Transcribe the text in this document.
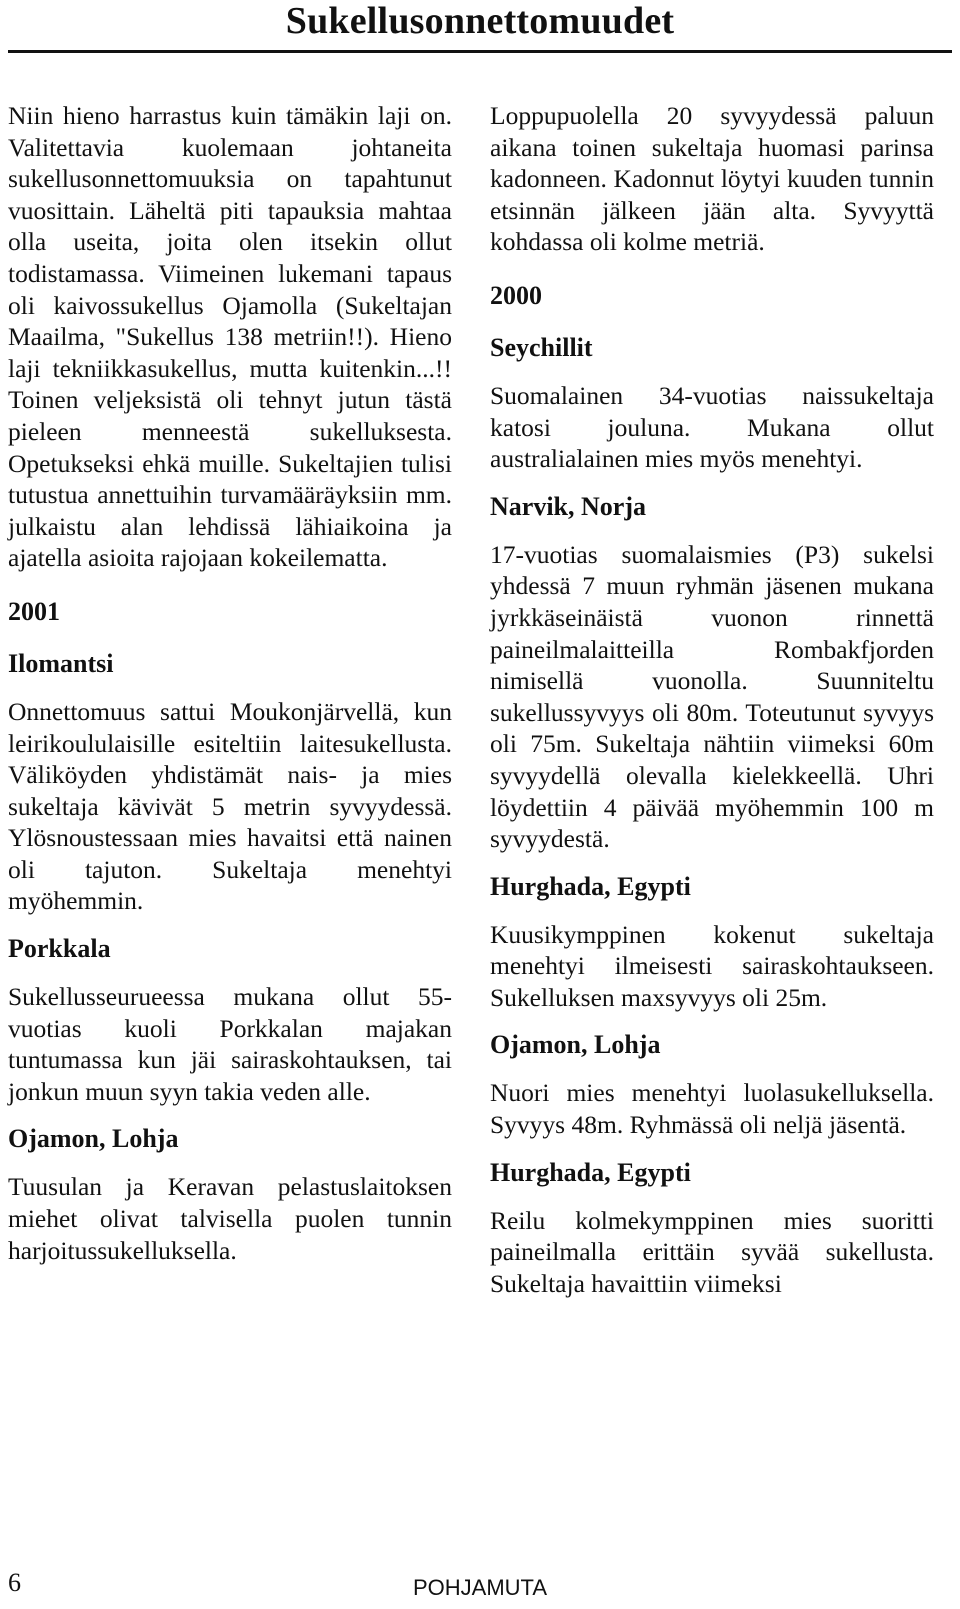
Sukellusonnettomuudet

Niin hieno harrastus kuin tämäkin laji on. Valitettavia kuolemaan johtaneita sukellusonnettomuuksia on tapahtunut vuosittain. Läheltä piti tapauksia mahtaa olla useita, joita olen itsekin ollut todistamassa. Viimeinen lukemani tapaus oli kaivossukellus Ojamolla (Sukeltajan Maailma, "Sukellus 138 metriin!!). Hieno laji tekniikkasukellus, mutta kuitenkin...!! Toinen veljeksistä oli tehnyt jutun tästä pieleen menneestä sukelluksesta. Opetukseksi ehkä muille. Sukeltajien tulisi tutustua annettuihin turvamääräyksiin mm. julkaistu alan lehdissä lähiaikoina ja ajatella asioita rajojaan kokeilematta.

2001
Ilomantsi

Onnettomuus sattui Moukonjärvellä, kun leirikoululaisille esiteltiin laitesukellusta. Väliköyden yhdistämät nais- ja mies sukeltaja kävivät 5 metrin syvyydessä. Ylösnoustessaan mies havaitsi että nainen oli tajuton. Sukeltaja menehtyi myöhemmin.

Porkkala

Sukellusseurueessa mukana ollut 55-vuotias kuoli Porkkalan majakan tuntumassa kun jäi sairaskohtauksen, tai jonkun muun syyn takia veden alle.

Ojamon, Lohja

Tuusulan ja Keravan pelastuslaitoksen miehet olivat talvisella puolen tunnin harjoitussukelluksella.

Loppupuolella 20 syvyydessä paluun aikana toinen sukeltaja huomasi parinsa kadonneen. Kadonnut löytyi kuuden tunnin etsinnän jälkeen jään alta. Syvyyttä kohdassa oli kolme metriä.

2000
Seychillit

Suomalainen 34-vuotias naissukeltaja katosi jouluna. Mukana ollut australialainen mies myös menehtyi.

Narvik, Norja

17-vuotias suomalaismies (P3) sukelsi yhdessä 7 muun ryhmän jäsenen mukana jyrkkäseinäistä vuonon rinnettä paineilmalaitteilla Rombakfjorden nimisellä vuonolla. Suunniteltu sukellussyvyys oli 80m. Toteutunut syvyys oli 75m. Sukeltaja nähtiin viimeksi 60m syvyydellä olevalla kielekkeellä. Uhri löydettiin 4 päivää myöhemmin 100 m syvyydestä.

Hurghada, Egypti

Kuusikymppinen kokenut sukeltaja menehtyi ilmeisesti sairaskohtaukseen. Sukelluksen maxsyvyys oli 25m.

Ojamon, Lohja

Nuori mies menehtyi luolasukelluksella. Syvyys 48m. Ryhmässä oli neljä jäsentä.

Hurghada, Egypti

Reilu kolmekymppinen mies suoritti paineilmalla erittäin syvää sukellusta. Sukeltaja havaittiin viimeksi

6	POHJAMUTA
